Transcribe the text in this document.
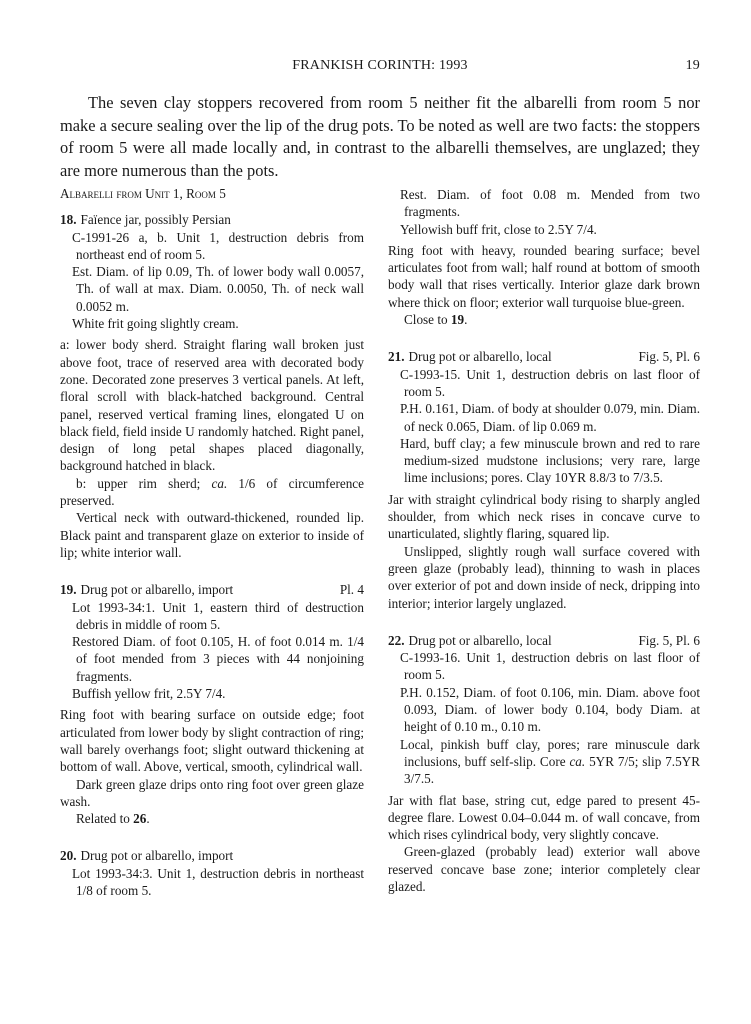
FRANKISH CORINTH: 1993	19

The seven clay stoppers recovered from room 5 neither fit the albarelli from room 5 nor make a secure sealing over the lip of the drug pots. To be noted as well are two facts: the stoppers of room 5 were all made locally and, in contrast to the albarelli themselves, are unglazed; they are more numerous than the pots.

Albarelli from Unit 1, Room 5
18. Faïence jar, possibly Persian

C-1991-26 a, b. Unit 1, destruction debris from northeast end of room 5.

Est. Diam. of lip 0.09, Th. of lower body wall 0.0057, Th. of wall at max. Diam. 0.0050, Th. of neck wall 0.0052 m.

White frit going slightly cream.

a: lower body sherd. Straight flaring wall broken just above foot, trace of reserved area with decorated body zone. Decorated zone preserves 3 vertical panels. At left, floral scroll with black-hatched background. Central panel, reserved vertical framing lines, elongated U on black field, field inside U randomly hatched. Right panel, design of long petal shapes placed diagonally, background hatched in black.

b: upper rim sherd; ca. 1/6 of circumference preserved.

Vertical neck with outward-thickened, rounded lip. Black paint and transparent glaze on exterior to inside of lip; white interior wall.

19. Drug pot or albarello, import	Pl. 4

Lot 1993-34:1. Unit 1, eastern third of destruction debris in middle of room 5.

Restored Diam. of foot 0.105, H. of foot 0.014 m. 1/4 of foot mended from 3 pieces with 44 nonjoining fragments.

Buffish yellow frit, 2.5Y 7/4.

Ring foot with bearing surface on outside edge; foot articulated from lower body by slight contraction of ring; wall barely overhangs foot; slight outward thickening at bottom of wall. Above, vertical, smooth, cylindrical wall.

Dark green glaze drips onto ring foot over green glaze wash.

Related to 26.

20. Drug pot or albarello, import

Lot 1993-34:3. Unit 1, destruction debris in northeast 1/8 of room 5.

Rest. Diam. of foot 0.08 m. Mended from two fragments.

Yellowish buff frit, close to 2.5Y 7/4.

Ring foot with heavy, rounded bearing surface; bevel articulates foot from wall; half round at bottom of smooth body wall that rises vertically. Interior glaze dark brown where thick on floor; exterior wall turquoise blue-green.

Close to 19.

21. Drug pot or albarello, local	Fig. 5, Pl. 6

C-1993-15. Unit 1, destruction debris on last floor of room 5.

P.H. 0.161, Diam. of body at shoulder 0.079, min. Diam. of neck 0.065, Diam. of lip 0.069 m.

Hard, buff clay; a few minuscule brown and red to rare medium-sized mudstone inclusions; very rare, large lime inclusions; pores. Clay 10YR 8.8/3 to 7/3.5.

Jar with straight cylindrical body rising to sharply angled shoulder, from which neck rises in concave curve to unarticulated, slightly flaring, squared lip.

Unslipped, slightly rough wall surface covered with green glaze (probably lead), thinning to wash in places over exterior of pot and down inside of neck, dripping into interior; interior largely unglazed.

22. Drug pot or albarello, local	Fig. 5, Pl. 6

C-1993-16. Unit 1, destruction debris on last floor of room 5.

P.H. 0.152, Diam. of foot 0.106, min. Diam. above foot 0.093, Diam. of lower body 0.104, body Diam. at height of 0.10 m., 0.10 m.

Local, pinkish buff clay, pores; rare minuscule dark inclusions, buff self-slip. Core ca. 5YR 7/5; slip 7.5YR 3/7.5.

Jar with flat base, string cut, edge pared to present 45-degree flare. Lowest 0.04–0.044 m. of wall concave, from which rises cylindrical body, very slightly concave.

Green-glazed (probably lead) exterior wall above reserved concave base zone; interior completely clear glazed.
